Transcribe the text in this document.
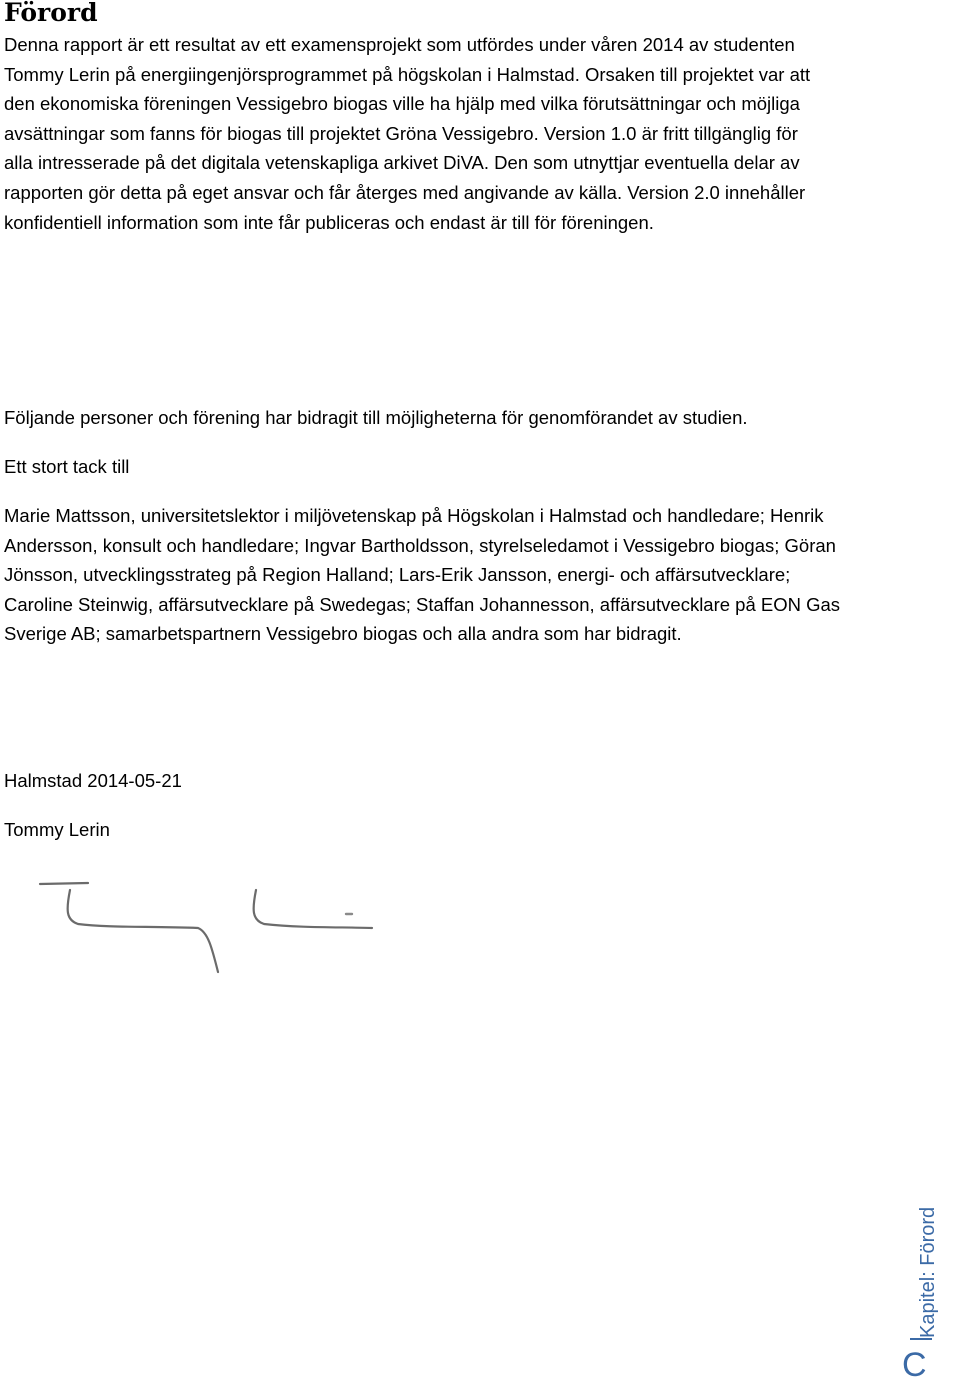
Förord
Denna rapport är ett resultat av ett examensprojekt som utfördes under våren 2014 av studenten
Tommy Lerin på energiingenjörsprogrammet på högskolan i Halmstad. Orsaken till projektet var att
den ekonomiska föreningen Vessigebro biogas ville ha hjälp med vilka förutsättningar och möjliga
avsättningar som fanns för biogas till projektet Gröna Vessigebro. Version 1.0 är fritt tillgänglig för
alla intresserade på det digitala vetenskapliga arkivet DiVA. Den som utnyttjar eventuella delar av
rapporten gör detta på eget ansvar och får återges med angivande av källa. Version 2.0 innehåller
konfidentiell information som inte får publiceras och endast är till för föreningen.

Följande personer och förening har bidragit till möjligheterna för genomförandet av studien.

Ett stort tack till

Marie Mattsson, universitetslektor i miljövetenskap på Högskolan i Halmstad och handledare; Henrik
Andersson, konsult och handledare; Ingvar Bartholdsson, styrelseledamot i Vessigebro biogas; Göran
Jönsson, utvecklingsstrateg på Region Halland; Lars-Erik Jansson, energi- och affärsutvecklare;
Caroline Steinwig, affärsutvecklare på Swedegas; Staffan Johannesson, affärsutvecklare på EON Gas
Sverige AB; samarbetspartnern Vessigebro biogas och alla andra som har bidragit.

Halmstad 2014-05-21

Tommy Lerin

Kapitel: Förord
C
